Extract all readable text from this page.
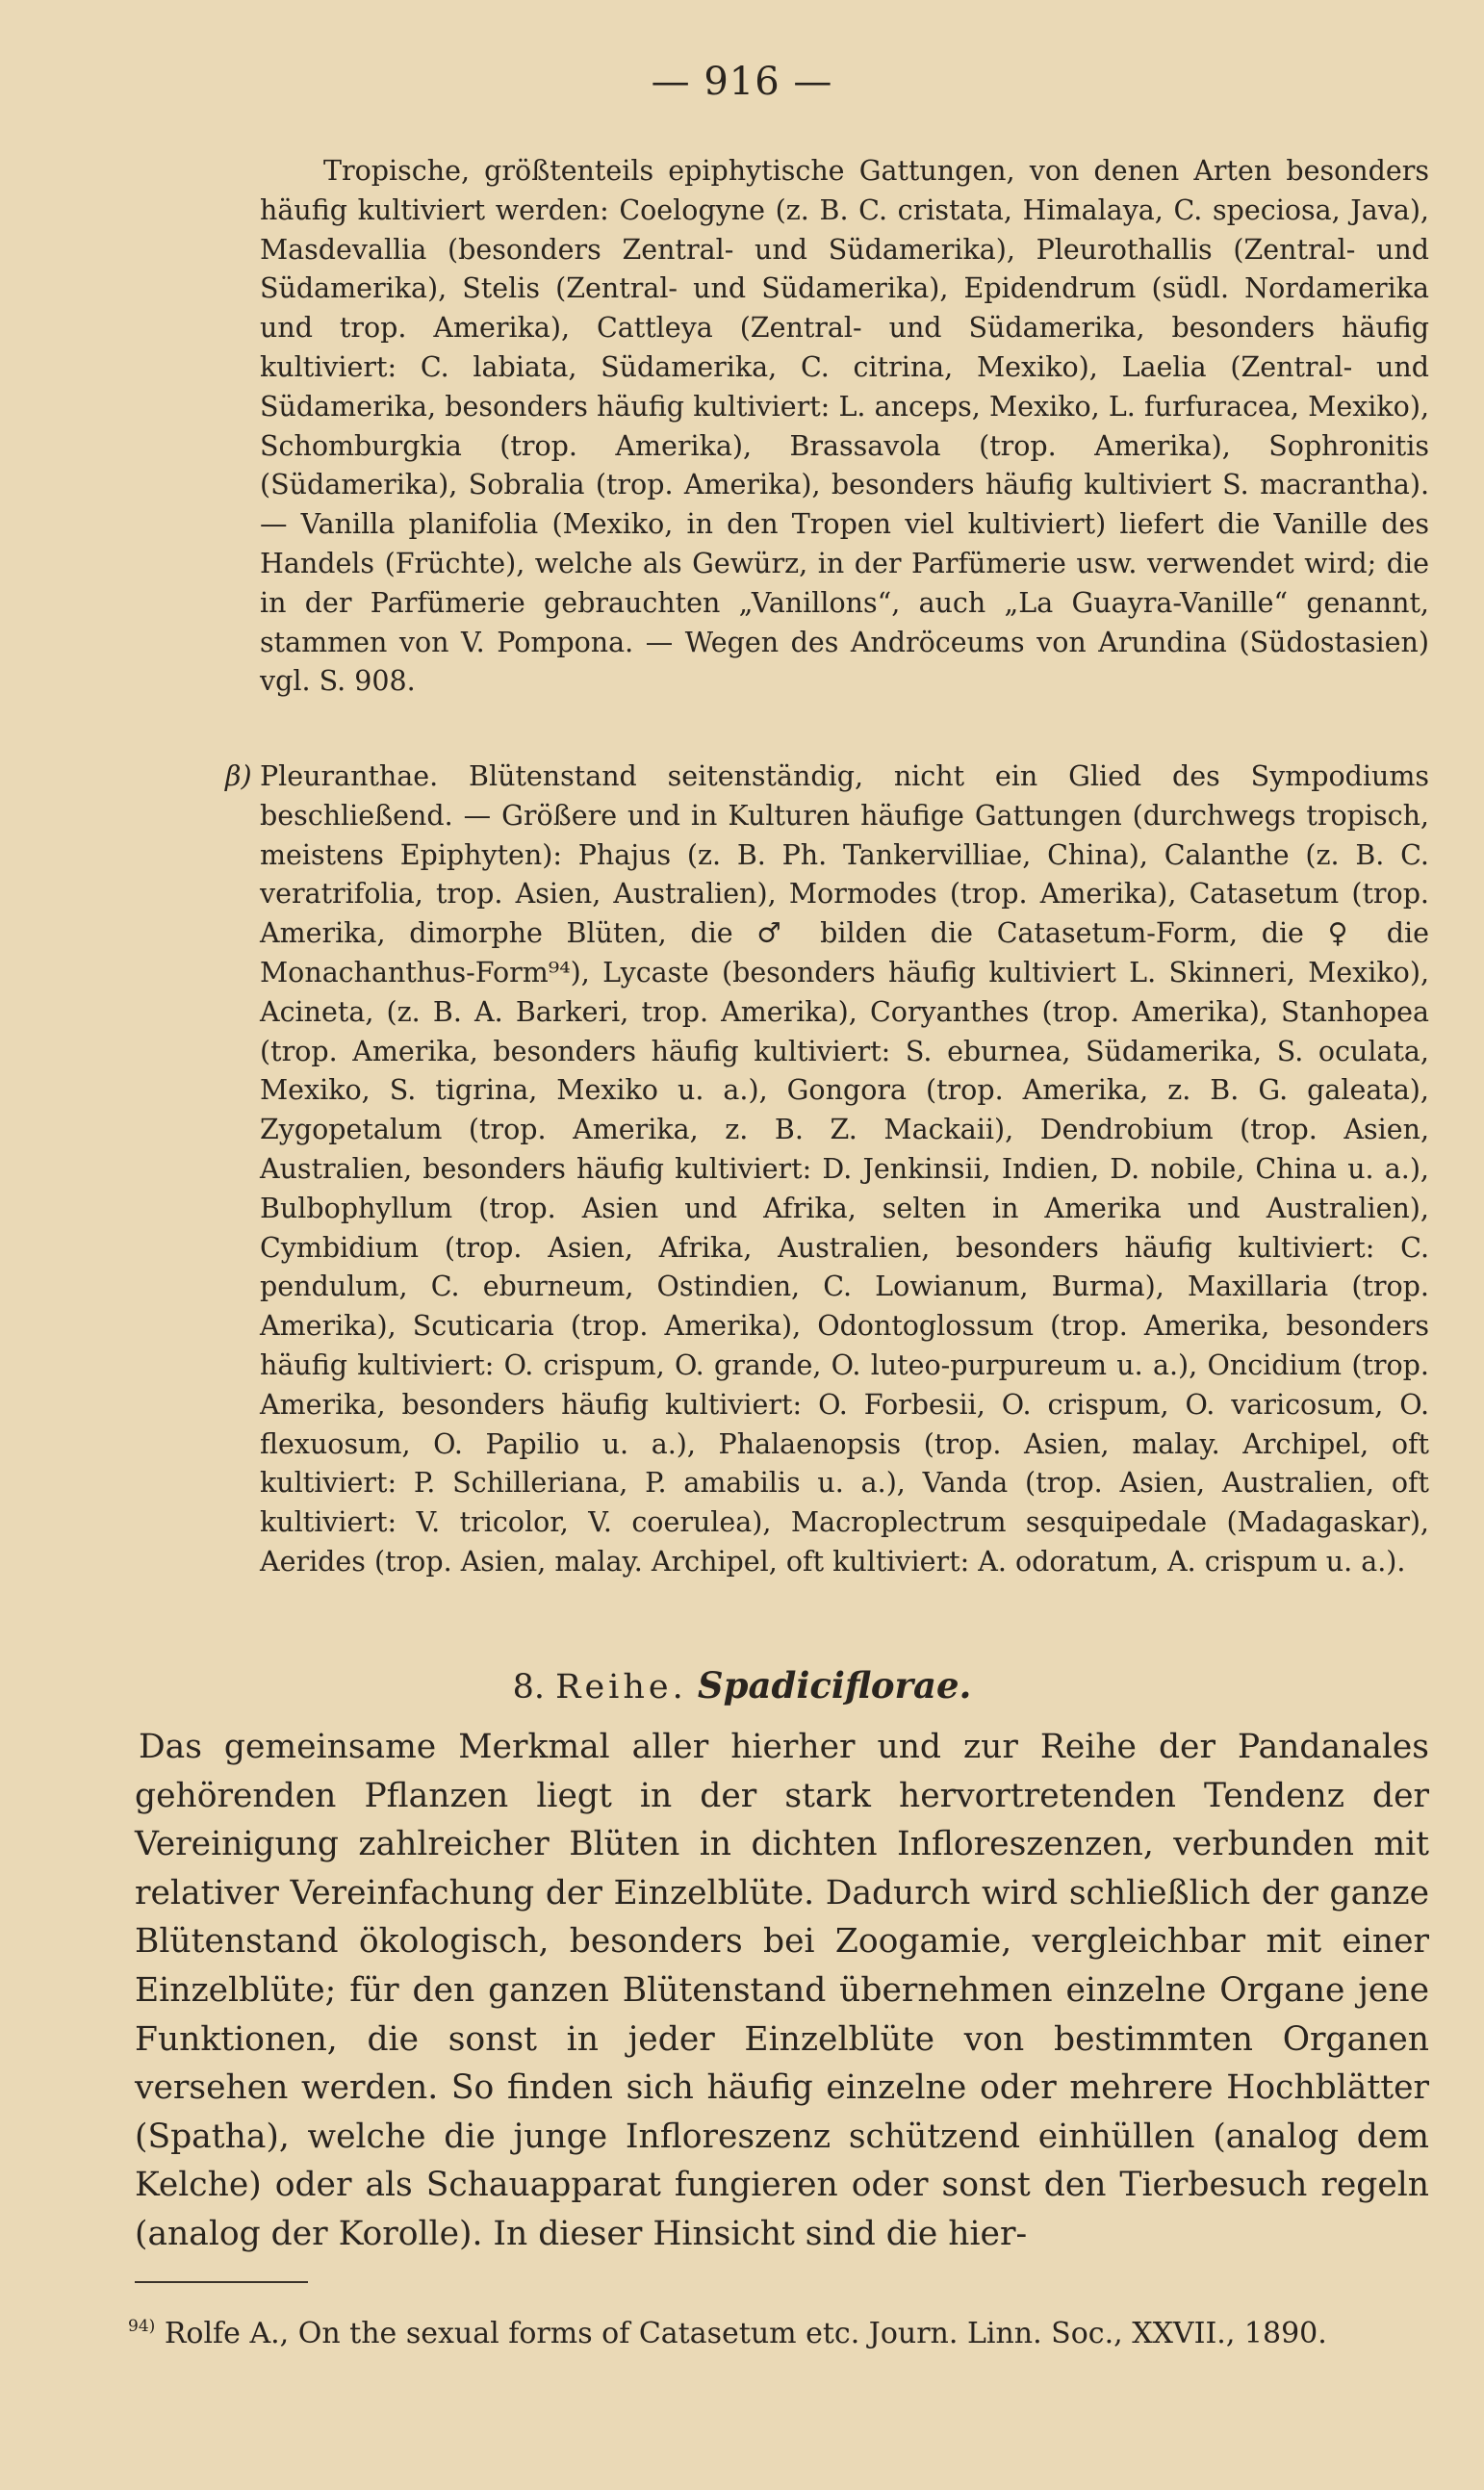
— 916 —
Tropische, größtenteils epiphytische Gattungen, von denen Arten besonders häufig kultiviert werden: Coelogyne (z. B. C. cristata, Himalaya, C. speciosa, Java), Masdevallia (besonders Zentral- und Südamerika), Pleurothallis (Zentral- und Südamerika), Stelis (Zentral- und Südamerika), Epidendrum (südl. Nordamerika und trop. Amerika), Cattleya (Zentral- und Südamerika, besonders häufig kultiviert: C. labiata, Südamerika, C. citrina, Mexiko), Laelia (Zentral- und Südamerika, besonders häufig kultiviert: L. anceps, Mexiko, L. furfuracea, Mexiko), Schomburgkia (trop. Amerika), Brassavola (trop. Amerika), Sophronitis (Südamerika), Sobralia (trop. Amerika), besonders häufig kultiviert S. macrantha). — Vanilla planifolia (Mexiko, in den Tropen viel kultiviert) liefert die Vanille des Handels (Früchte), welche als Gewürz, in der Parfümerie usw. verwendet wird; die in der Parfümerie gebrauchten „Vanillons“, auch „La Guayra-Vanille“ genannt, stammen von V. Pompona. — Wegen des Andröceums von Arundina (Südostasien) vgl. S. 908.
β) Pleuranthae. Blütenstand seitenständig, nicht ein Glied des Sympodiums beschließend. — Größere und in Kulturen häufige Gattungen (durchwegs tropisch, meistens Epiphyten): Phajus (z. B. Ph. Tankervilliae, China), Calanthe (z. B. C. veratrifolia, trop. Asien, Australien), Mormodes (trop. Amerika), Catasetum (trop. Amerika, dimorphe Blüten, die ♂ bilden die Catasetum-Form, die ♀ die Monachanthus-Form⁹⁴), Lycaste (besonders häufig kultiviert L. Skinneri, Mexiko), Acineta, (z. B. A. Barkeri, trop. Amerika), Coryanthes (trop. Amerika), Stanhopea (trop. Amerika, besonders häufig kultiviert: S. eburnea, Südamerika, S. oculata, Mexiko, S. tigrina, Mexiko u. a.), Gongora (trop. Amerika, z. B. G. galeata), Zygopetalum (trop. Amerika, z. B. Z. Mackaii), Dendrobium (trop. Asien, Australien, besonders häufig kultiviert: D. Jenkinsii, Indien, D. nobile, China u. a.), Bulbophyllum (trop. Asien und Afrika, selten in Amerika und Australien), Cymbidium (trop. Asien, Afrika, Australien, besonders häufig kultiviert: C. pendulum, C. eburneum, Ostindien, C. Lowianum, Burma), Maxillaria (trop. Amerika), Scuticaria (trop. Amerika), Odontoglossum (trop. Amerika, besonders häufig kultiviert: O. crispum, O. grande, O. luteo-purpureum u. a.), Oncidium (trop. Amerika, besonders häufig kultiviert: O. Forbesii, O. crispum, O. varicosum, O. flexuosum, O. Papilio u. a.), Phalaenopsis (trop. Asien, malay. Archipel, oft kultiviert: P. Schilleriana, P. amabilis u. a.), Vanda (trop. Asien, Australien, oft kultiviert: V. tricolor, V. coerulea), Macroplectrum sesquipedale (Madagaskar), Aerides (trop. Asien, malay. Archipel, oft kultiviert: A. odoratum, A. crispum u. a.).
8. Reihe. Spadiciflorae.
Das gemeinsame Merkmal aller hierher und zur Reihe der Pandanales gehörenden Pflanzen liegt in der stark hervortretenden Tendenz der Vereinigung zahlreicher Blüten in dichten Infloreszenzen, verbunden mit relativer Vereinfachung der Einzelblüte. Dadurch wird schließlich der ganze Blütenstand ökologisch, besonders bei Zoogamie, vergleichbar mit einer Einzelblüte; für den ganzen Blütenstand übernehmen einzelne Organe jene Funktionen, die sonst in jeder Einzelblüte von bestimmten Organen versehen werden. So finden sich häufig einzelne oder mehrere Hochblätter (Spatha), welche die junge Infloreszenz schützend einhüllen (analog dem Kelche) oder als Schauapparat fungieren oder sonst den Tierbesuch regeln (analog der Korolle). In dieser Hinsicht sind die hier-
$^{94)}$ Rolfe A., On the sexual forms of Catasetum etc. Journ. Linn. Soc., XXVII., 1890.
